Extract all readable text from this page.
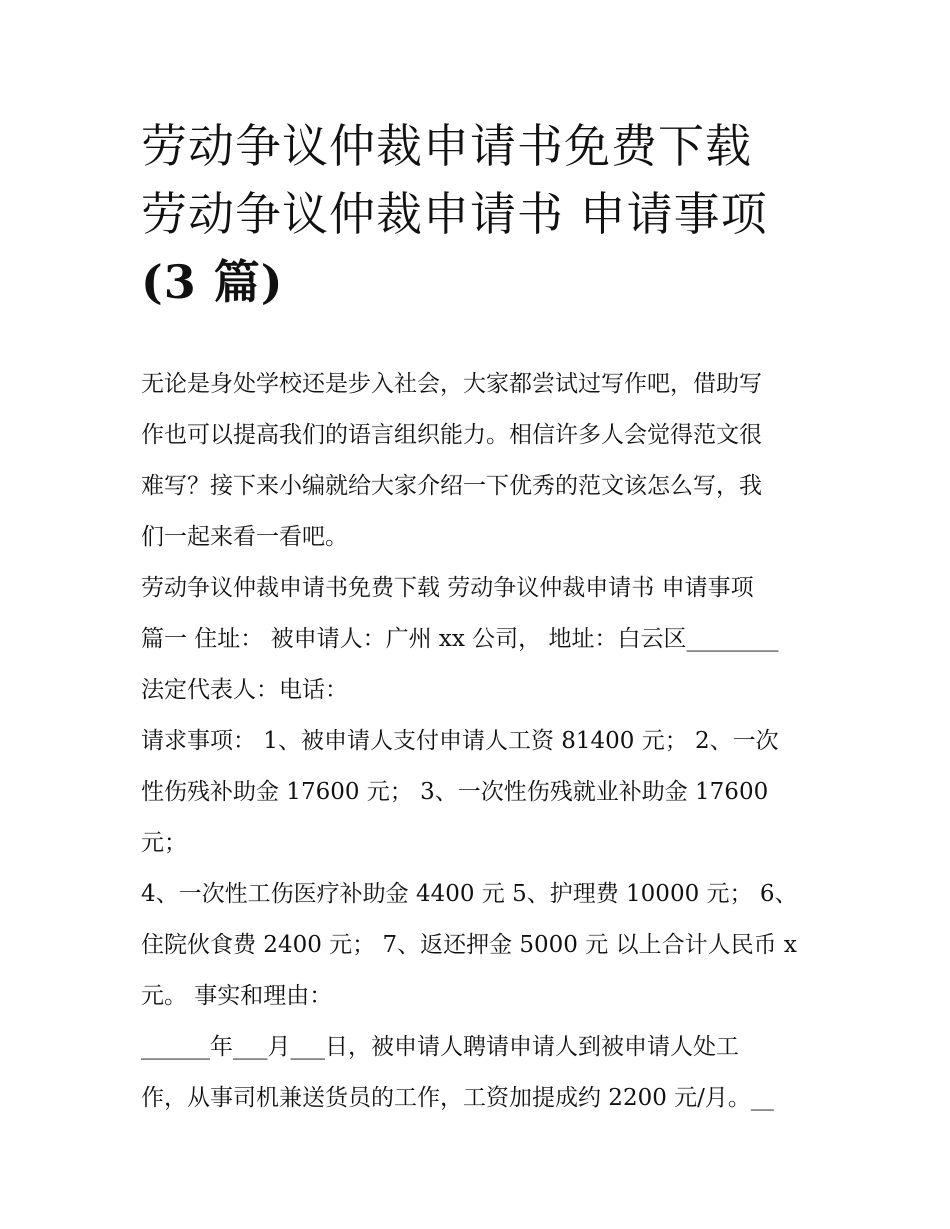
劳动争议仲裁申请书免费下载
劳动争议仲裁申请书 申请事项
(3 篇)
无论是身处学校还是步入社会，大家都尝试过写作吧，借助写
作也可以提高我们的语言组织能力。相信许多人会觉得范文很
难写？接下来小编就给大家介绍一下优秀的范文该怎么写，我
们一起来看一看吧。
劳动争议仲裁申请书免费下载 劳动争议仲裁申请书 申请事项
篇一 住址： 被申请人：广州 xx 公司， 地址：白云区________
法定代表人：电话：
请求事项： 1、被申请人支付申请人工资 81400 元； 2、一次
性伤残补助金 17600 元； 3、一次性伤残就业补助金 17600
元；
4、一次性工伤医疗补助金 4400 元 5、护理费 10000 元； 6、
住院伙食费 2400 元； 7、返还押金 5000 元 以上合计人民币 x
元。 事实和理由：
______年___月___日，被申请人聘请申请人到被申请人处工
作，从事司机兼送货员的工作，工资加提成约 2200 元/月。__
